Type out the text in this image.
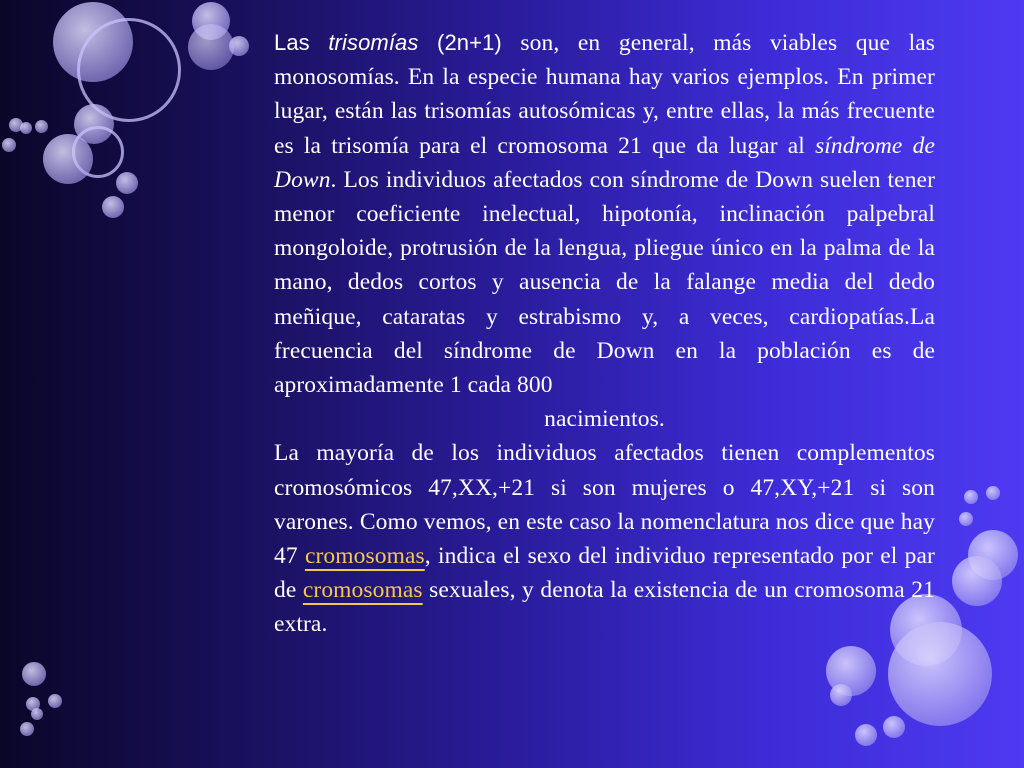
Las trisomías (2n+1) son, en general, más viables que las monosomías. En la especie humana hay varios ejemplos. En primer lugar, están las trisomías autosómicas y, entre ellas, la más frecuente es la trisomía para el cromosoma 21 que da lugar al síndrome de Down. Los individuos afectados con síndrome de Down suelen tener menor coeficiente inelectual, hipotonía, inclinación palpebral mongoloide, protrusión de la lengua, pliegue único en la palma de la mano, dedos cortos y ausencia de la falange media del dedo meñique, cataratas y estrabismo y, a veces, cardiopatías.La frecuencia del síndrome de Down en la población es de aproximadamente 1 cada 800

nacimientos.

La mayoría de los individuos afectados tienen complementos cromosómicos 47,XX,+21 si son mujeres o 47,XY,+21 si son varones. Como vemos, en este caso la nomenclatura nos dice que hay 47 cromosomas, indica el sexo del individuo representado por el par de cromosomas sexuales, y denota la existencia de un cromosoma 21 extra.
